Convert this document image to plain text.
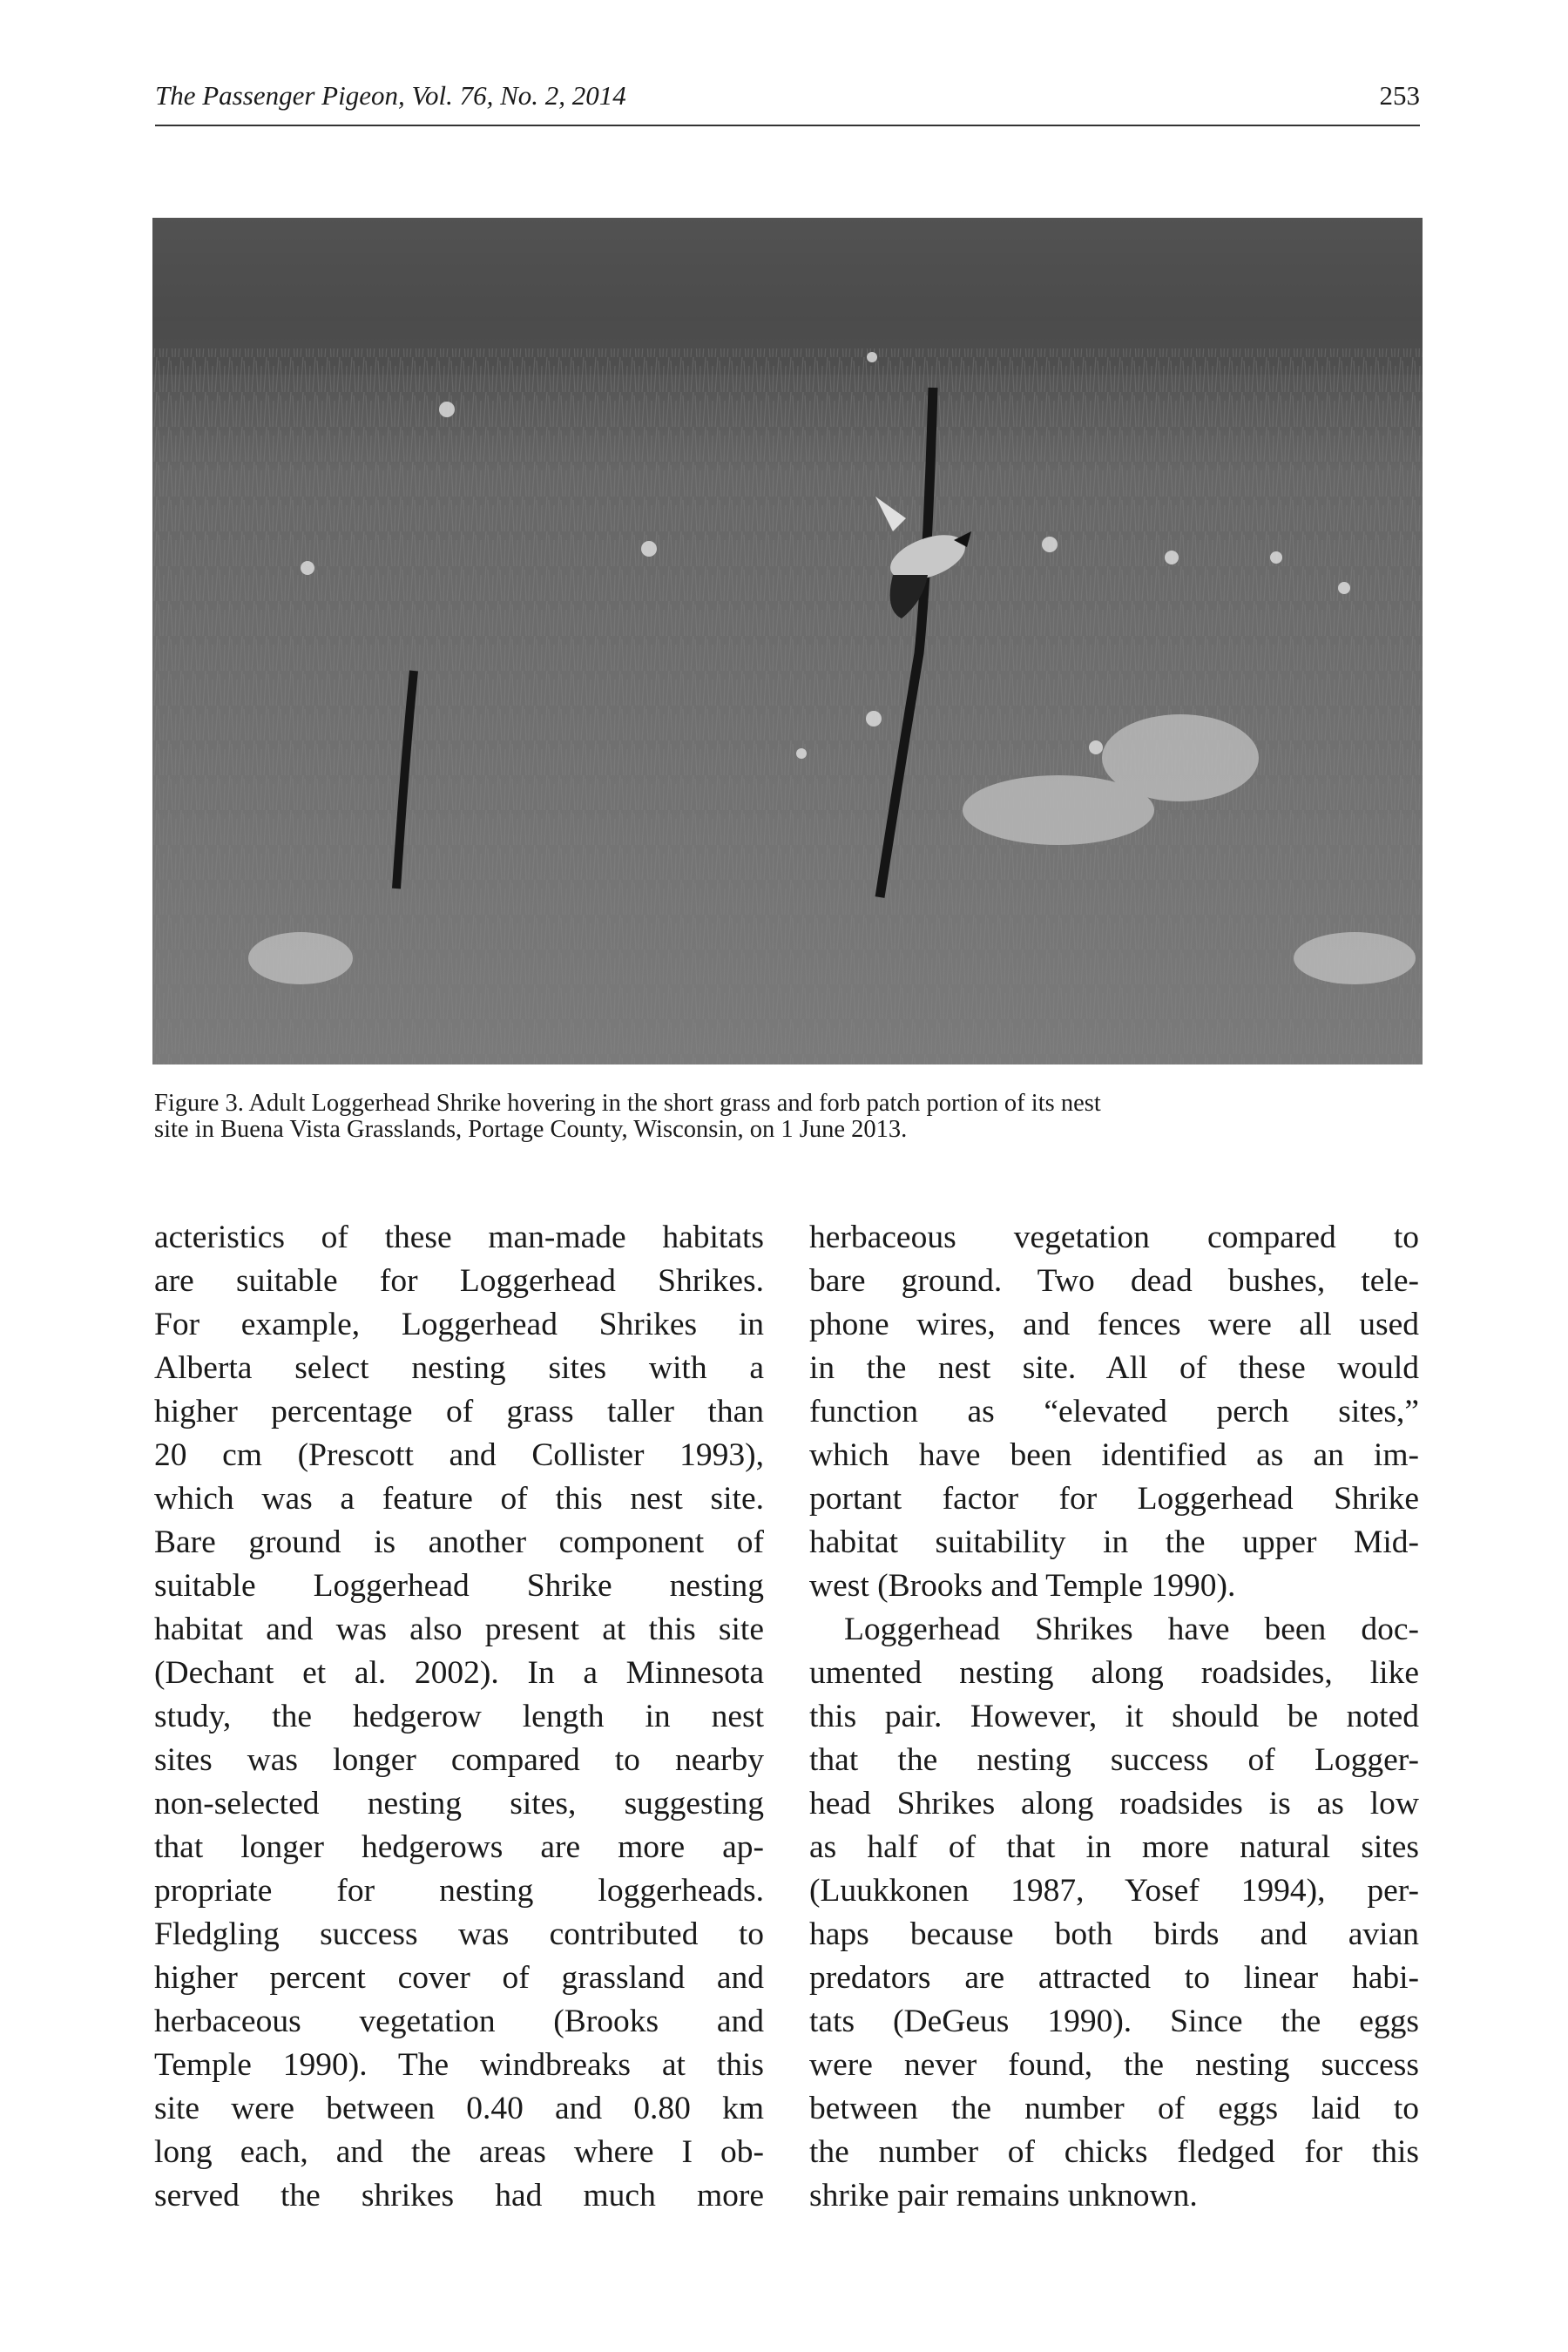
The Passenger Pigeon, Vol. 76, No. 2, 2014	253
Figure 3. Adult Loggerhead Shrike hovering in the short grass and forb patch portion of its nest
site in Buena Vista Grasslands, Portage County, Wisconsin, on 1 June 2013.
acteristics of these man-made habitats
are suitable for Loggerhead Shrikes.
For example, Loggerhead Shrikes in
Alberta select nesting sites with a
higher percentage of grass taller than
20 cm (Prescott and Collister 1993),
which was a feature of this nest site.
Bare ground is another component of
suitable Loggerhead Shrike nesting
habitat and was also present at this site
(Dechant et al. 2002). In a Minnesota
study, the hedgerow length in nest
sites was longer compared to nearby
non-selected nesting sites, suggesting
that longer hedgerows are more ap-
propriate for nesting loggerheads.
Fledgling success was contributed to
higher percent cover of grassland and
herbaceous vegetation (Brooks and
Temple 1990). The windbreaks at this
site were between 0.40 and 0.80 km
long each, and the areas where I ob-
served the shrikes had much more
herbaceous vegetation compared to
bare ground. Two dead bushes, tele-
phone wires, and fences were all used
in the nest site. All of these would
function as “elevated perch sites,”
which have been identified as an im-
portant factor for Loggerhead Shrike
habitat suitability in the upper Mid-
west (Brooks and Temple 1990).
Loggerhead Shrikes have been doc-
umented nesting along roadsides, like
this pair. However, it should be noted
that the nesting success of Logger-
head Shrikes along roadsides is as low
as half of that in more natural sites
(Luukkonen 1987, Yosef 1994), per-
haps because both birds and avian
predators are attracted to linear habi-
tats (DeGeus 1990). Since the eggs
were never found, the nesting success
between the number of eggs laid to
the number of chicks fledged for this
shrike pair remains unknown.
